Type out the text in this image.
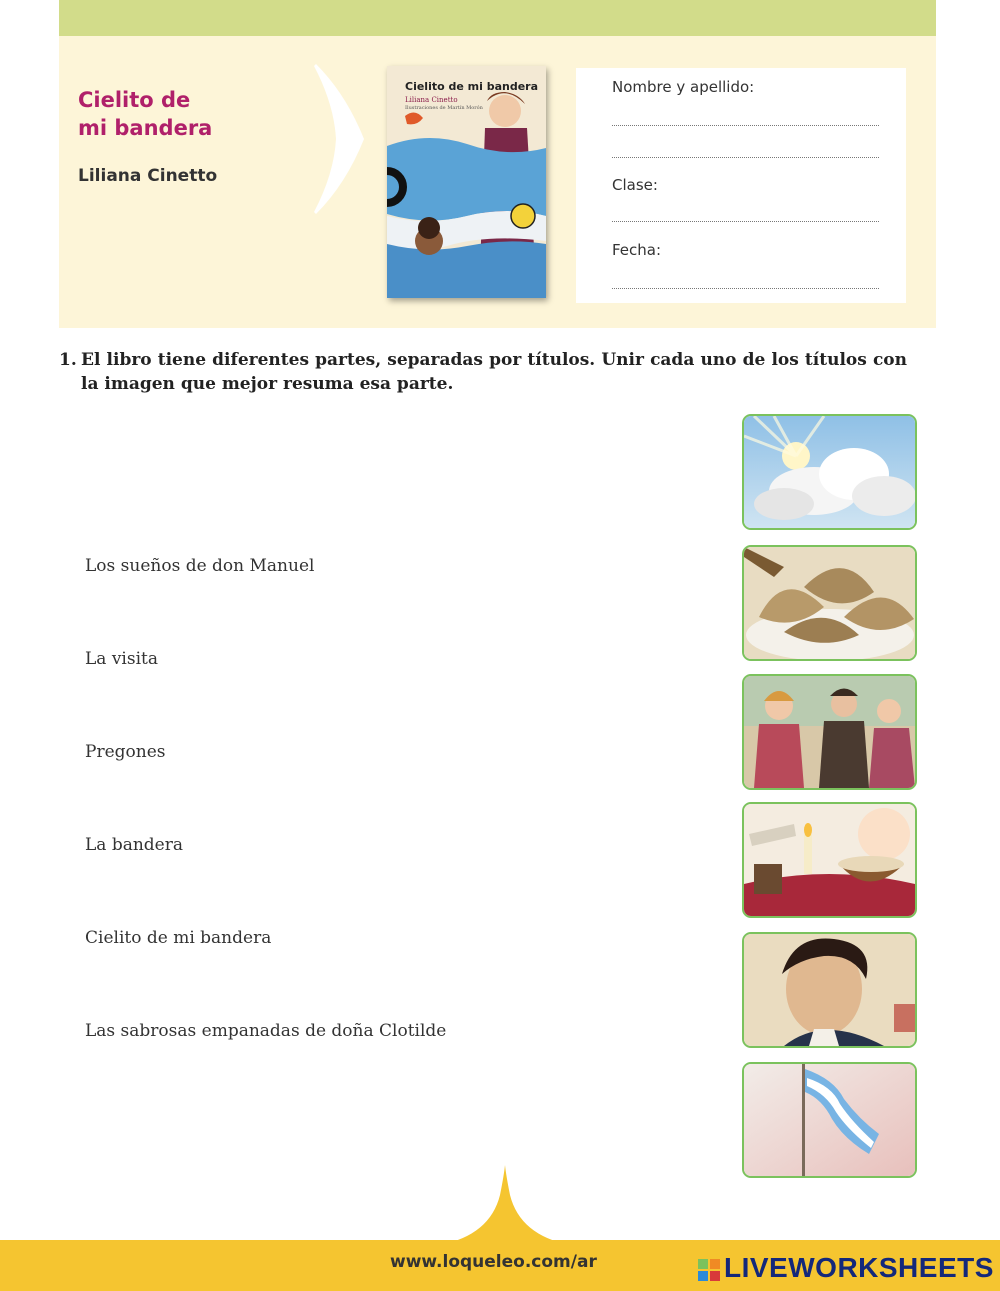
Cielito de
mi bandera
Liliana Cinetto
Cielito de mi bandera
Liliana Cinetto
Ilustraciones de Martín Morón
Nombre y apellido:
Clase:
Fecha:
1. El libro tiene diferentes partes, separadas por títulos. Unir cada uno de los títulos con la imagen que mejor resuma esa parte.
Los sueños de don Manuel
La visita
Pregones
La bandera
Cielito de mi bandera
Las sabrosas empanadas de doña Clotilde
www.loqueleo.com/ar	LIVEWORKSHEETS
